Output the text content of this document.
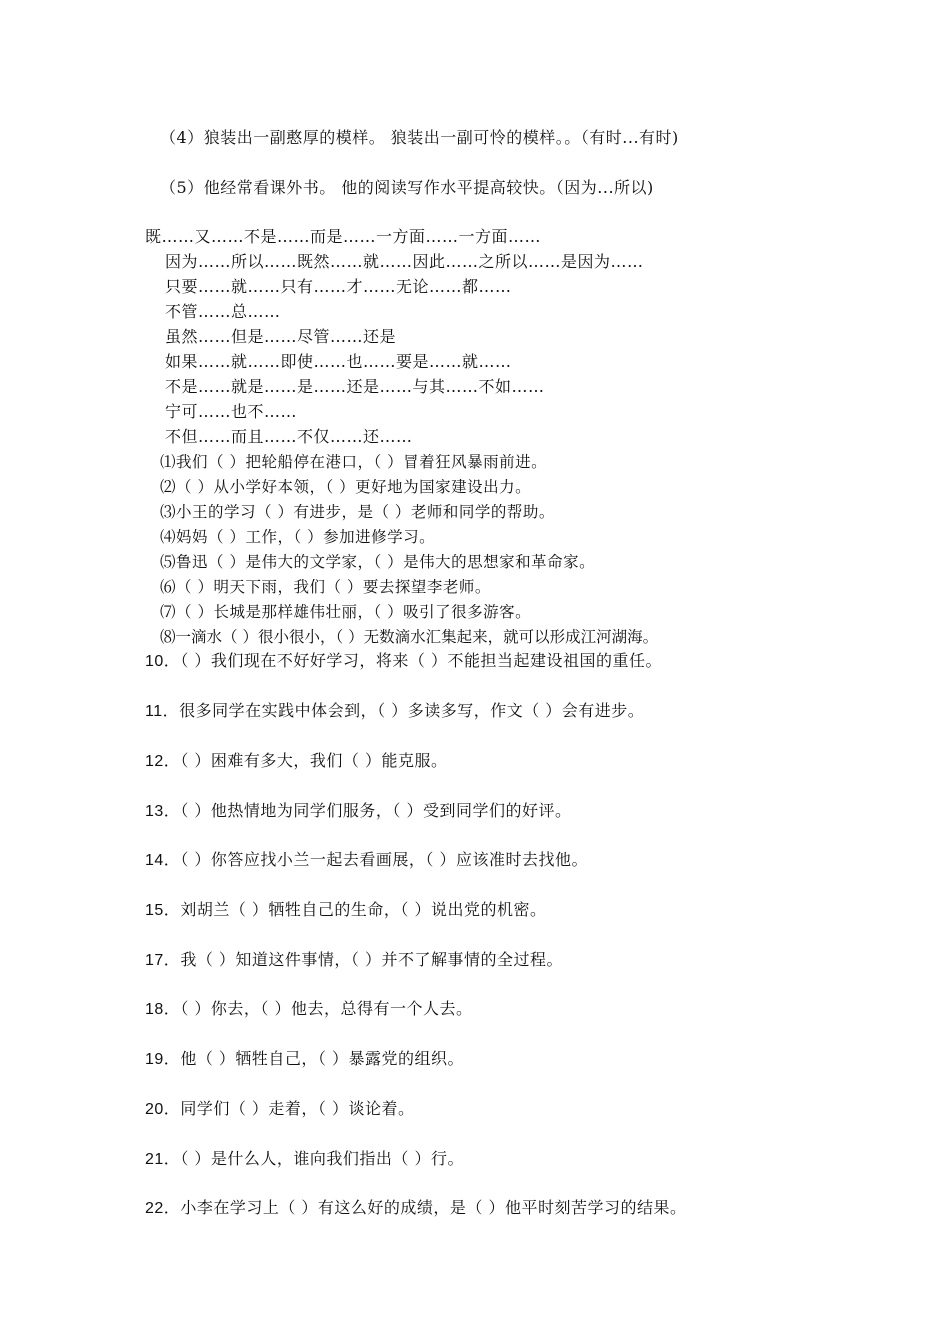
（4）狼装出一副憨厚的模样。 狼装出一副可怜的模样。。（有时...有时)
（5）他经常看课外书。 他的阅读写作水平提高较快。（因为...所以)
既……又……不是……而是……一方面……一方面……
因为……所以……既然……就……因此……之所以……是因为……
只要……就……只有……才……无论……都……
不管……总……
虽然……但是……尽管……还是
如果……就……即使……也……要是……就……
不是……就是……是……还是……与其……不如……
宁可……也不……
不但……而且……不仅……还……
⑴我们（ ）把轮船停在港口，（ ）冒着狂风暴雨前进。
⑵（ ）从小学好本领，（ ）更好地为国家建设出力。
⑶小王的学习（ ）有进步，是（ ）老师和同学的帮助。
⑷妈妈（ ）工作，（ ）参加进修学习。
⑸鲁迅（ ）是伟大的文学家，（ ）是伟大的思想家和革命家。
⑹（ ）明天下雨，我们（ ）要去探望李老师。
⑺（ ）长城是那样雄伟壮丽，（ ）吸引了很多游客。
⑻一滴水（ ）很小很小，（ ）无数滴水汇集起来，就可以形成江河湖海。
10．（ ）我们现在不好好学习，将来（ ）不能担当起建设祖国的重任。
11．很多同学在实践中体会到，（ ）多读多写，作文（ ）会有进步。
12．（ ）困难有多大，我们（ ）能克服。
13．（ ）他热情地为同学们服务，（ ）受到同学们的好评。
14．（ ）你答应找小兰一起去看画展，（ ）应该准时去找他。
15．刘胡兰（ ）牺牲自己的生命，（ ）说出党的机密。
17．我（ ）知道这件事情，（ ）并不了解事情的全过程。
18．（ ）你去，（ ）他去，总得有一个人去。
19．他（ ）牺牲自己，（ ）暴露党的组织。
20．同学们（ ）走着，（ ）谈论着。
21．（ ）是什么人，谁向我们指出（ ）行。
22．小李在学习上（ ）有这么好的成绩，是（ ）他平时刻苦学习的结果。
